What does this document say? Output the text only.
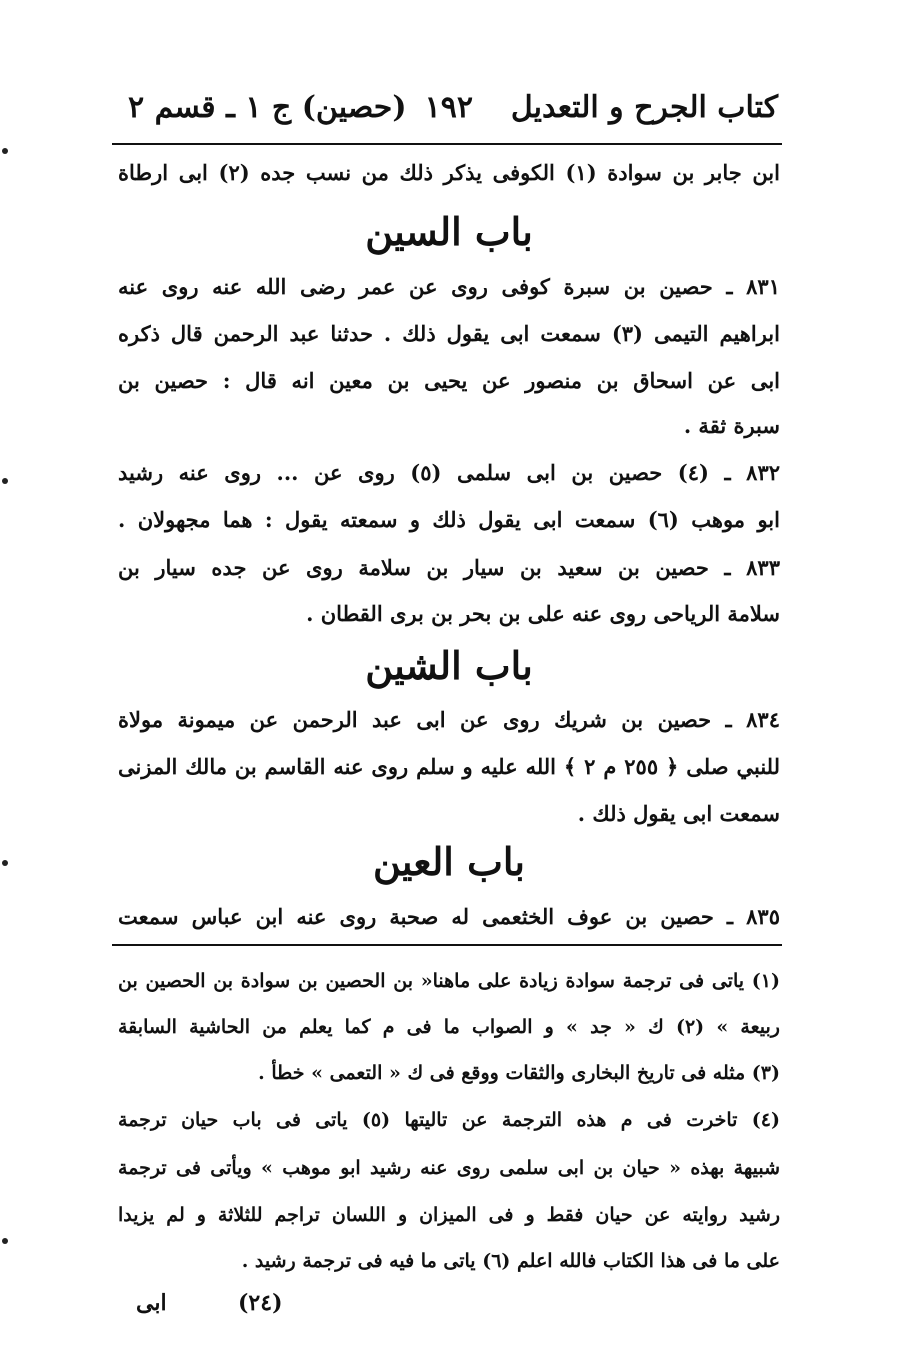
كتاب الجرح و التعديل
١٩٢
(حصين) ج ١ ـ قسم ٢
ابن جابر بن سوادة (١) الكوفى يذكر ذلك من نسب جده (٢) ابى ارطاة
باب السين
٨٣١ ـ حصين بن سبرة كوفى روى عن عمر رضى الله عنه روى عنه
ابراهيم التيمى (٣) سمعت ابى يقول ذلك . حدثنا عبد الرحمن قال ذكره
ابى عن اسحاق بن منصور عن يحيى بن معين انه قال : حصين بن
سبرة ثقة .
٨٣٢ ـ (٤) حصين بن ابى سلمى (٥) روى عن ... روى عنه رشيد
ابو موهب (٦) سمعت ابى يقول ذلك و سمعته يقول : هما مجهولان .
٨٣٣ ـ حصين بن سعيد بن سيار بن سلامة روى عن جده سيار بن
سلامة الرياحى روى عنه على بن بحر بن برى القطان .
باب الشين
٨٣٤ ـ حصين بن شريك روى عن ابى عبد الرحمن عن ميمونة مولاة
للنبي صلى ﴿ ٢٥٥ م ٢ ﴾ الله عليه و سلم روى عنه القاسم بن مالك المزنى
سمعت ابى يقول ذلك .
باب العين
٨٣٥ ـ حصين بن عوف الخثعمى له صحبة روى عنه ابن عباس سمعت
(١) ياتى فى ترجمة سوادة زيادة على ماهنا« بن الحصين بن سوادة بن الحصين بن
ربيعة » (٢) ك « جد » و الصواب ما فى م كما يعلم من الحاشية السابقة
(٣) مثله فى تاريخ البخارى والثقات ووقع فى ك « التعمى » خطأ .
(٤) تاخرت فى م هذه الترجمة عن تاليتها (٥) ياتى فى باب حيان ترجمة
شبيهة بهذه « حيان بن ابى سلمى روى عنه رشيد ابو موهب » ويأتى فى ترجمة
رشيد روايته عن حيان فقط و فى الميزان و اللسان تراجم للثلاثة و لم يزيدا
على ما فى هذا الكتاب فالله اعلم (٦) ياتى ما فيه فى ترجمة رشيد .
(٢٤)
ابى
